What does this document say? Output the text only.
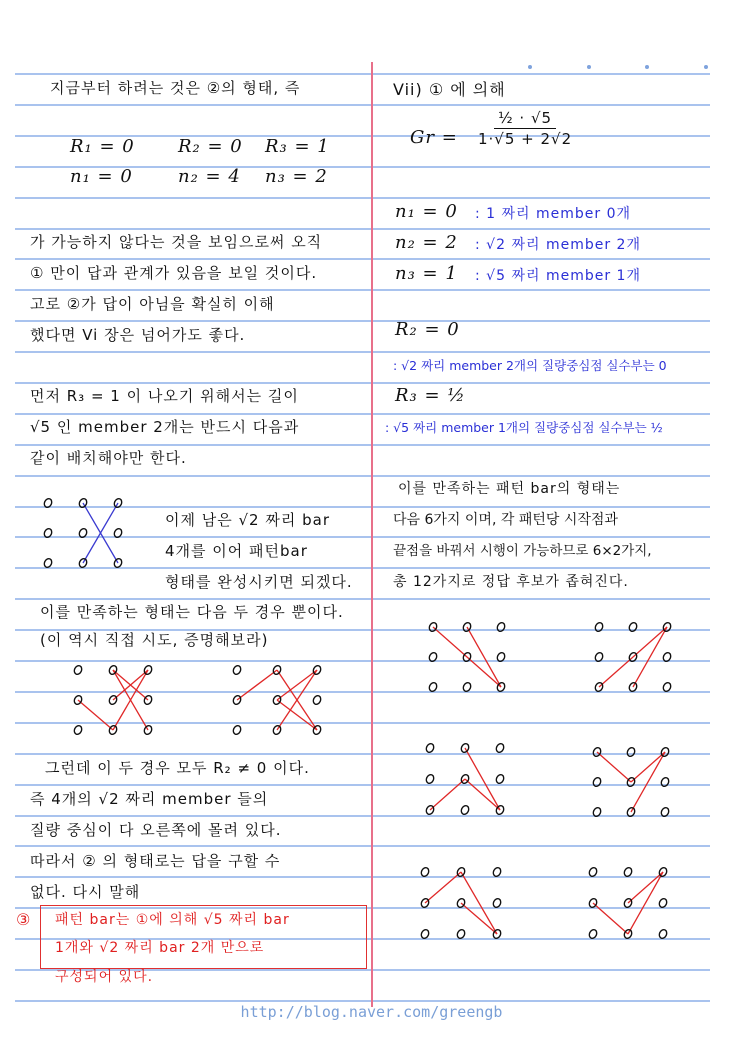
지금부터 하려는 것은 ②의 형태, 즉
R₁ = 0 R₂ = 0 R₃ = 1
n₁ = 0	n₂ = 4 n₃ = 2
가 가능하지 않다는 것을 보임으로써 오직
① 만이 답과 관계가 있음을 보일 것이다.
고로 ②가 답이 아님을 확실히 이해
했다면 Vi 장은 넘어가도 좋다.
먼저 R₃ = 1 이 나오기 위해서는 길이
√5 인 member 2개는 반드시 다음과
같이 배치해야만 한다.
이제 남은 √2 짜리 bar
4개를 이어 패턴bar
형태를 완성시키면 되겠다.
이를 만족하는 형태는 다음 두 경우 뿐이다.
(이 역시 직접 시도, 증명해보라)
그런데 이 두 경우 모두 R₂ ≠ 0 이다.
즉 4개의 √2 짜리 member 들의
질량 중심이 다 오른쪽에 몰려 있다.
따라서 ② 의 형태로는 답을 구할 수
없다. 다시 말해
③ 패턴 bar는 ①에 의해 √5 짜리 bar
1개와 √2 짜리 bar 2개 만으로
구성되어 있다.
Vii) ① 에 의해
$Gr = \frac{\text{½ · √5}}{1\cdot√5 + 2√2}$
n₁ = 0 : 1 짜리 member 0개
n₂ = 2 : √2 짜리 member 2개
n₃ = 1 : √5 짜리 member 1개
R₂ = 0
: √2 짜리 member 2개의 질량중심점 실수부는 0
R₃ = ½
: √5 짜리 member 1개의 질량중심점 실수부는 ½
이를 만족하는 패턴 bar의 형태는
다음 6가지 이며, 각 패턴당 시작점과
끝점을 바꿔서 시행이 가능하므로 6×2가지,
총 12가지로 정답 후보가 좁혀진다.
http://blog.naver.com/greengb
